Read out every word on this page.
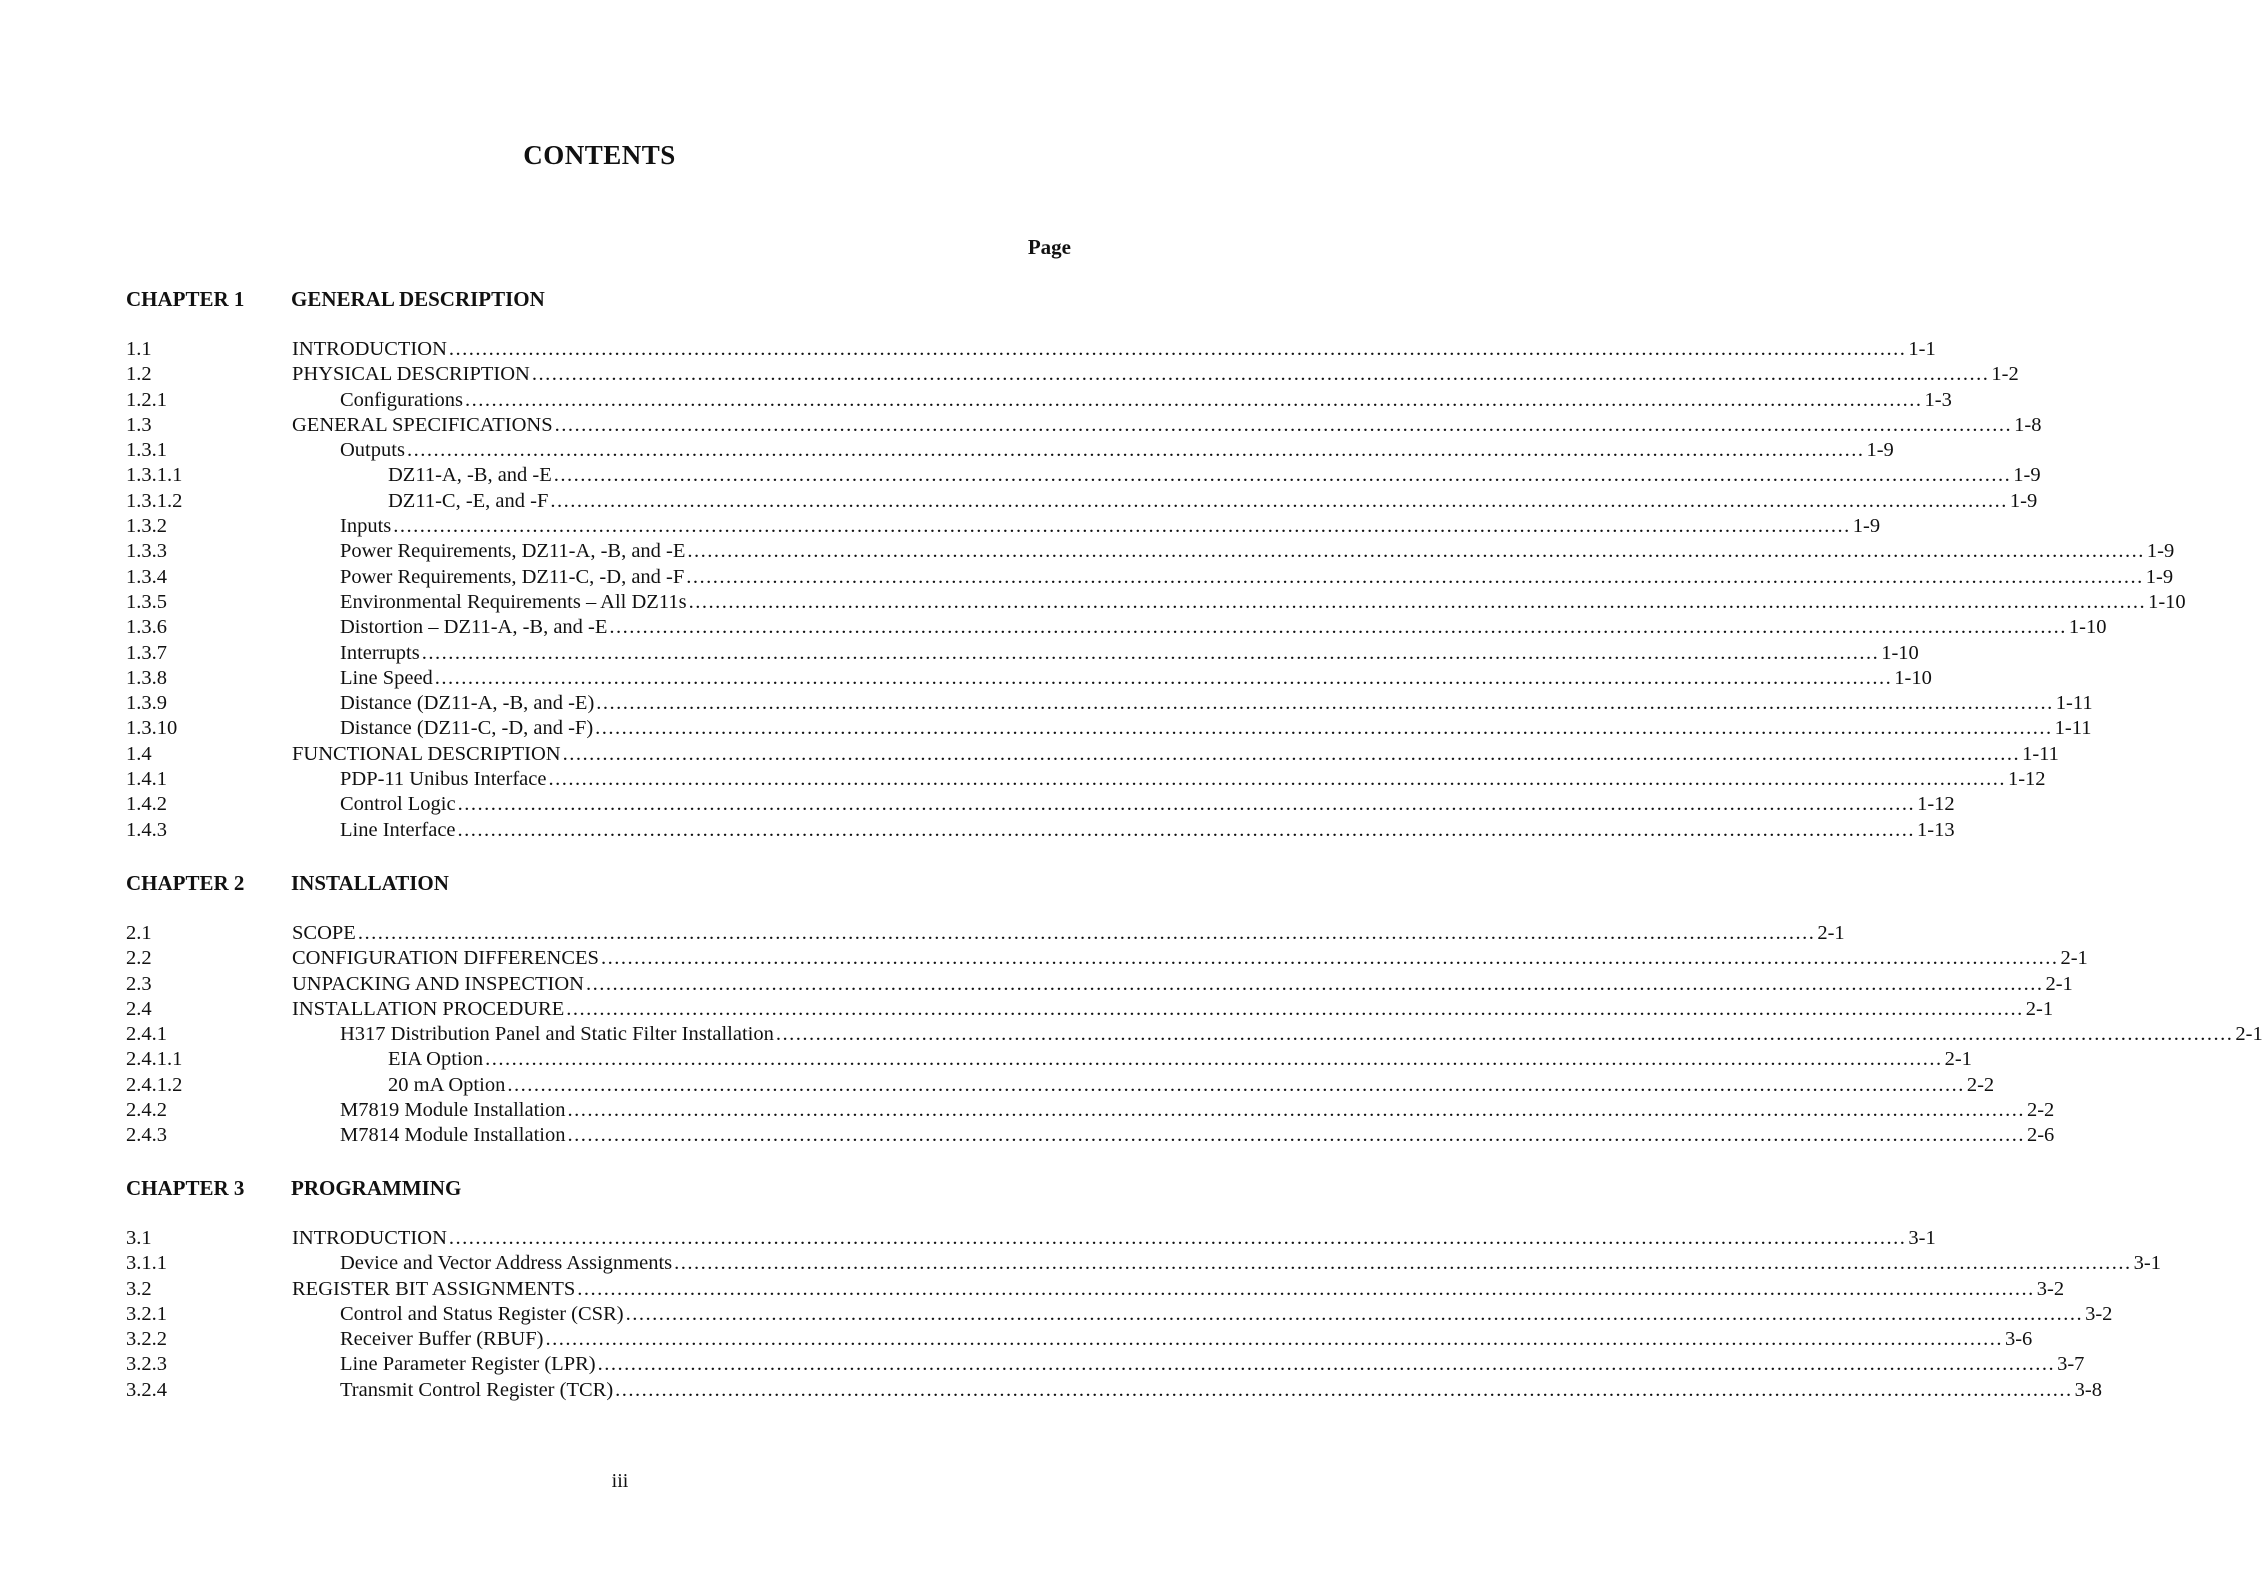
CONTENTS
Page
CHAPTER 1 GENERAL DESCRIPTION
1.1	INTRODUCTION ............................................................................................................................................................................................................................ 1-1
1.2	PHYSICAL DESCRIPTION ............................................................................................................................................................................................................................ 1-2
1.2.1	Configurations ............................................................................................................................................................................................................................ 1-3
1.3	GENERAL SPECIFICATIONS ............................................................................................................................................................................................................................ 1-8
1.3.1	Outputs ............................................................................................................................................................................................................................ 1-9
1.3.1.1	DZ11-A, -B, and -E ............................................................................................................................................................................................................................ 1-9
1.3.1.2	DZ11-C, -E, and -F ............................................................................................................................................................................................................................ 1-9
1.3.2	Inputs ............................................................................................................................................................................................................................ 1-9
1.3.3	Power Requirements, DZ11-A, -B, and -E ............................................................................................................................................................................................................................ 1-9
1.3.4	Power Requirements, DZ11-C, -D, and -F ............................................................................................................................................................................................................................ 1-9
1.3.5	Environmental Requirements – All DZ11s ............................................................................................................................................................................................................................ 1-10
1.3.6	Distortion – DZ11-A, -B, and -E ............................................................................................................................................................................................................................ 1-10
1.3.7	Interrupts ............................................................................................................................................................................................................................ 1-10
1.3.8	Line Speed ............................................................................................................................................................................................................................ 1-10
1.3.9	Distance (DZ11-A, -B, and -E) ............................................................................................................................................................................................................................ 1-11
1.3.10	Distance (DZ11-C, -D, and -F) ............................................................................................................................................................................................................................ 1-11
1.4	FUNCTIONAL DESCRIPTION ............................................................................................................................................................................................................................ 1-11
1.4.1	PDP-11 Unibus Interface ............................................................................................................................................................................................................................ 1-12
1.4.2	Control Logic ............................................................................................................................................................................................................................ 1-12
1.4.3	Line Interface ............................................................................................................................................................................................................................ 1-13
CHAPTER 2 INSTALLATION
2.1	SCOPE ............................................................................................................................................................................................................................ 2-1
2.2	CONFIGURATION DIFFERENCES ............................................................................................................................................................................................................................ 2-1
2.3	UNPACKING AND INSPECTION ............................................................................................................................................................................................................................ 2-1
2.4	INSTALLATION PROCEDURE ............................................................................................................................................................................................................................ 2-1
2.4.1	H317 Distribution Panel and Static Filter Installation ............................................................................................................................................................................................................................ 2-1
2.4.1.1	EIA Option ............................................................................................................................................................................................................................ 2-1
2.4.1.2	20 mA Option ............................................................................................................................................................................................................................ 2-2
2.4.2	M7819 Module Installation ............................................................................................................................................................................................................................ 2-2
2.4.3	M7814 Module Installation ............................................................................................................................................................................................................................ 2-6
CHAPTER 3 PROGRAMMING
3.1	INTRODUCTION ............................................................................................................................................................................................................................ 3-1
3.1.1	Device and Vector Address Assignments ............................................................................................................................................................................................................................ 3-1
3.2	REGISTER BIT ASSIGNMENTS ............................................................................................................................................................................................................................ 3-2
3.2.1	Control and Status Register (CSR) ............................................................................................................................................................................................................................ 3-2
3.2.2	Receiver Buffer (RBUF) ............................................................................................................................................................................................................................ 3-6
3.2.3	Line Parameter Register (LPR) ............................................................................................................................................................................................................................ 3-7
3.2.4	Transmit Control Register (TCR) ............................................................................................................................................................................................................................ 3-8
iii
